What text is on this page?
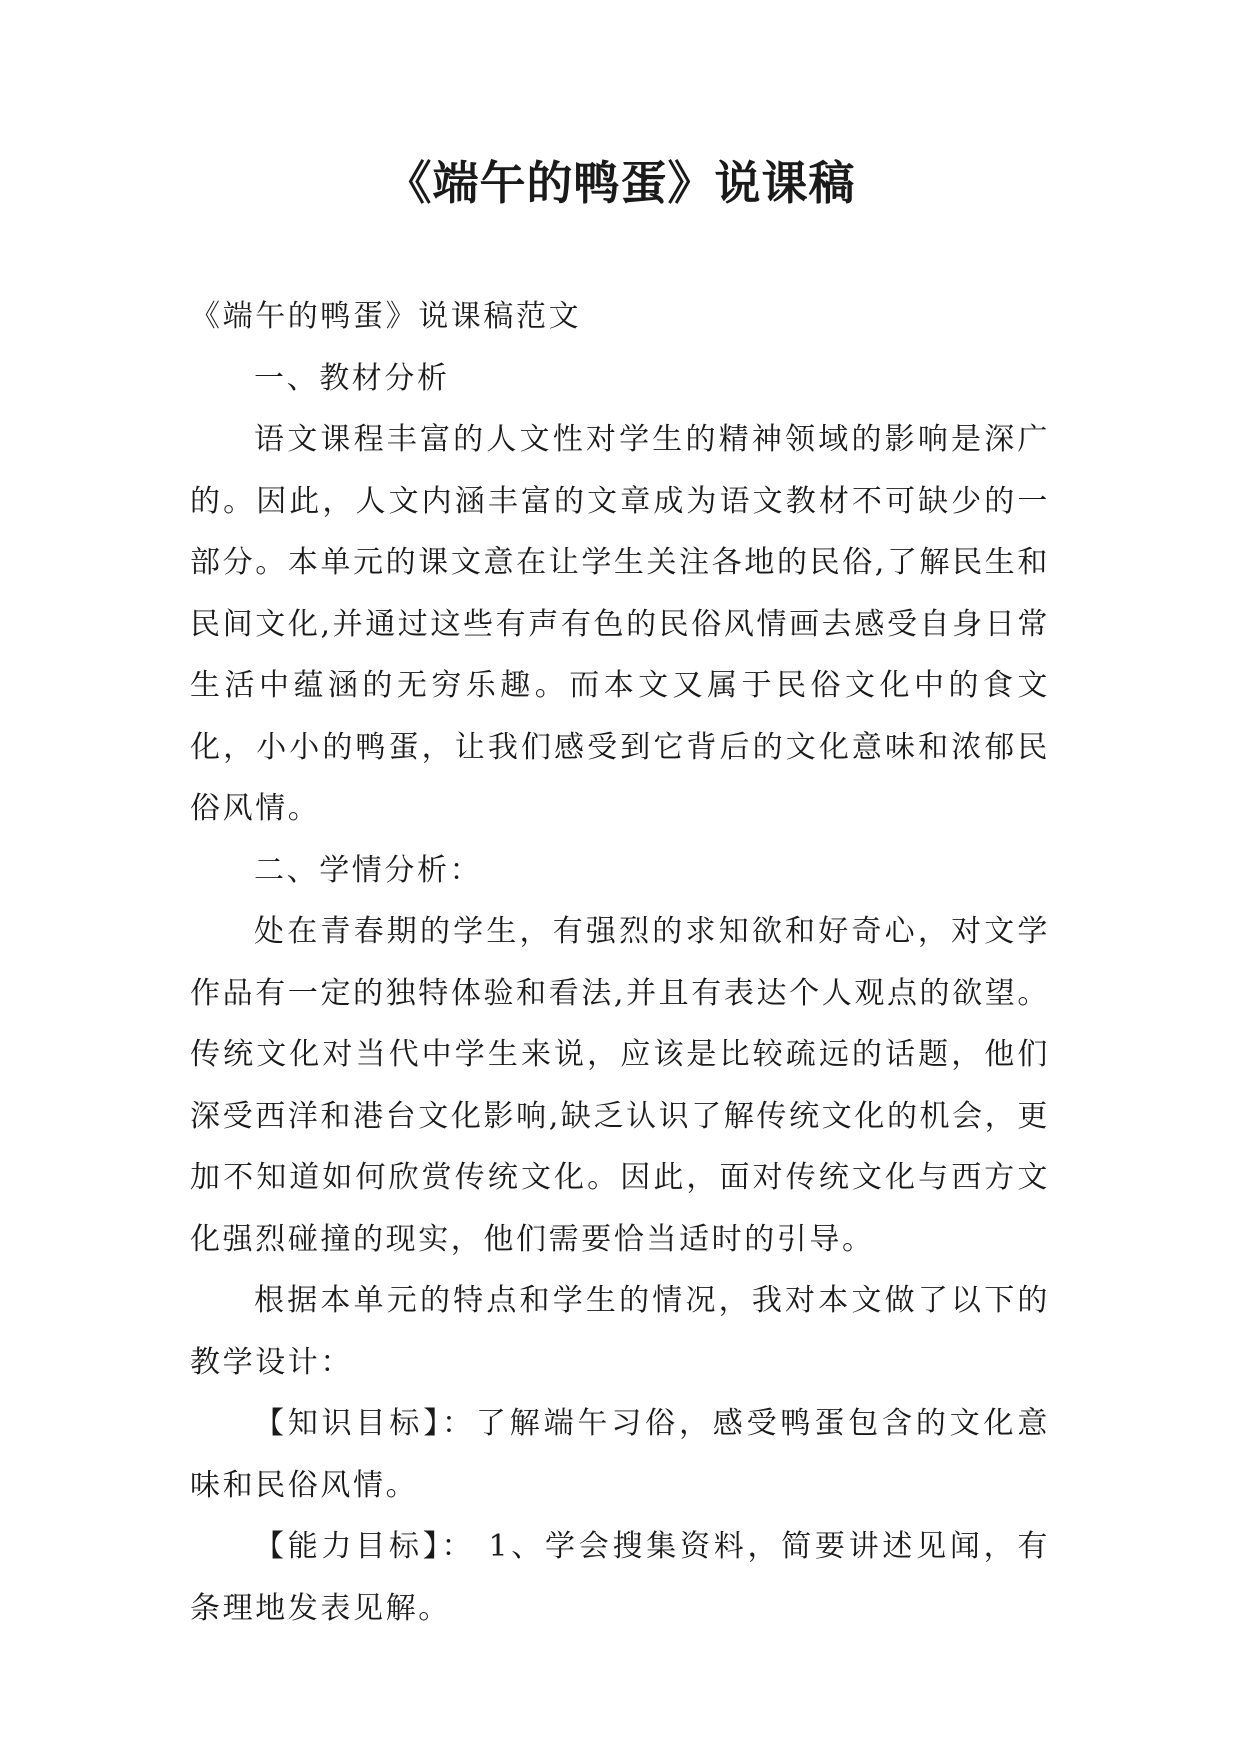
《端午的鸭蛋》说课稿

《端午的鸭蛋》说课稿范文

一、教材分析

语文课程丰富的人文性对学生的精神领域的影响是深广的。因此，人文内涵丰富的文章成为语文教材不可缺少的一部分。本单元的课文意在让学生关注各地的民俗,了解民生和民间文化,并通过这些有声有色的民俗风情画去感受自身日常生活中蕴涵的无穷乐趣。而本文又属于民俗文化中的食文化，小小的鸭蛋，让我们感受到它背后的文化意味和浓郁民俗风情。

二、学情分析：

处在青春期的学生，有强烈的求知欲和好奇心，对文学作品有一定的独特体验和看法,并且有表达个人观点的欲望。传统文化对当代中学生来说，应该是比较疏远的话题，他们深受西洋和港台文化影响,缺乏认识了解传统文化的机会，更加不知道如何欣赏传统文化。因此，面对传统文化与西方文化强烈碰撞的现实，他们需要恰当适时的引导。

根据本单元的特点和学生的情况，我对本文做了以下的教学设计：

【知识目标】：了解端午习俗，感受鸭蛋包含的文化意味和民俗风情。

【能力目标】： 1、学会搜集资料，简要讲述见闻，有条理地发表见解。
